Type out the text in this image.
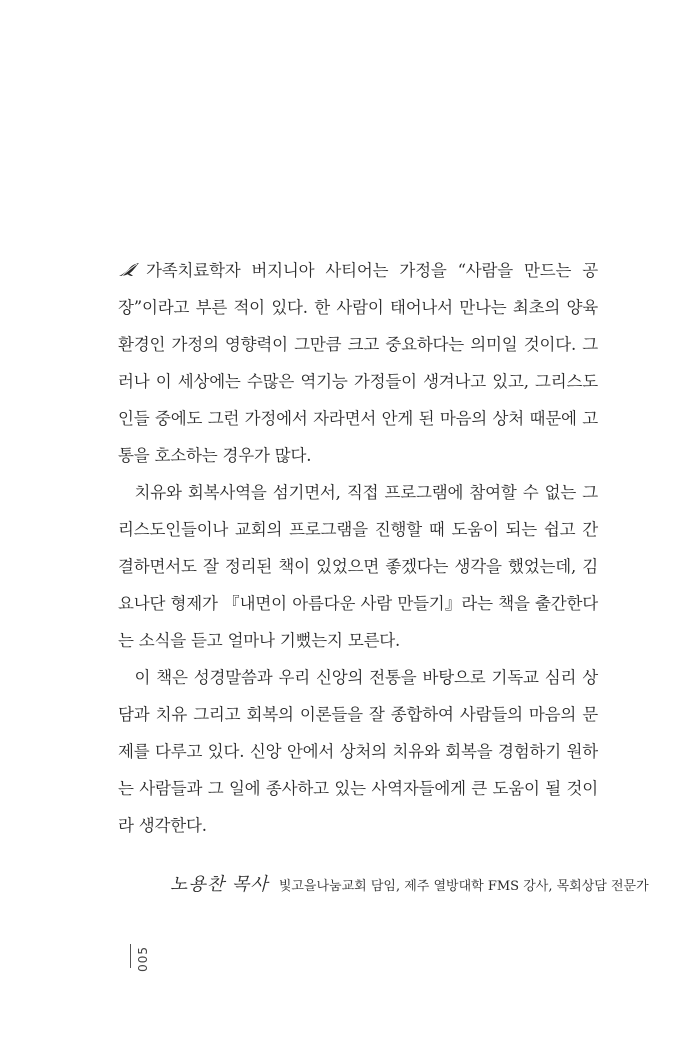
가족치료학자 버지니아 사티어는 가정을 “사람을 만드는 공장”이라고 부른 적이 있다. 한 사람이 태어나서 만나는 최초의 양육환경인 가정의 영향력이 그만큼 크고 중요하다는 의미일 것이다. 그러나 이 세상에는 수많은 역기능 가정들이 생겨나고 있고, 그리스도인들 중에도 그런 가정에서 자라면서 안게 된 마음의 상처 때문에 고통을 호소하는 경우가 많다.

치유와 회복사역을 섬기면서, 직접 프로그램에 참여할 수 없는 그리스도인들이나 교회의 프로그램을 진행할 때 도움이 되는 쉽고 간결하면서도 잘 정리된 책이 있었으면 좋겠다는 생각을 했었는데, 김요나단 형제가 『내면이 아름다운 사람 만들기』라는 책을 출간한다는 소식을 듣고 얼마나 기뻤는지 모른다.

이 책은 성경말씀과 우리 신앙의 전통을 바탕으로 기독교 심리 상담과 치유 그리고 회복의 이론들을 잘 종합하여 사람들의 마음의 문제를 다루고 있다. 신앙 안에서 상처의 치유와 회복을 경험하기 원하는 사람들과 그 일에 종사하고 있는 사역자들에게 큰 도움이 될 것이라 생각한다.

노용찬 목사 빛고을나눔교회 담임, 제주 열방대학 FMS 강사, 목회상담 전문가
005
